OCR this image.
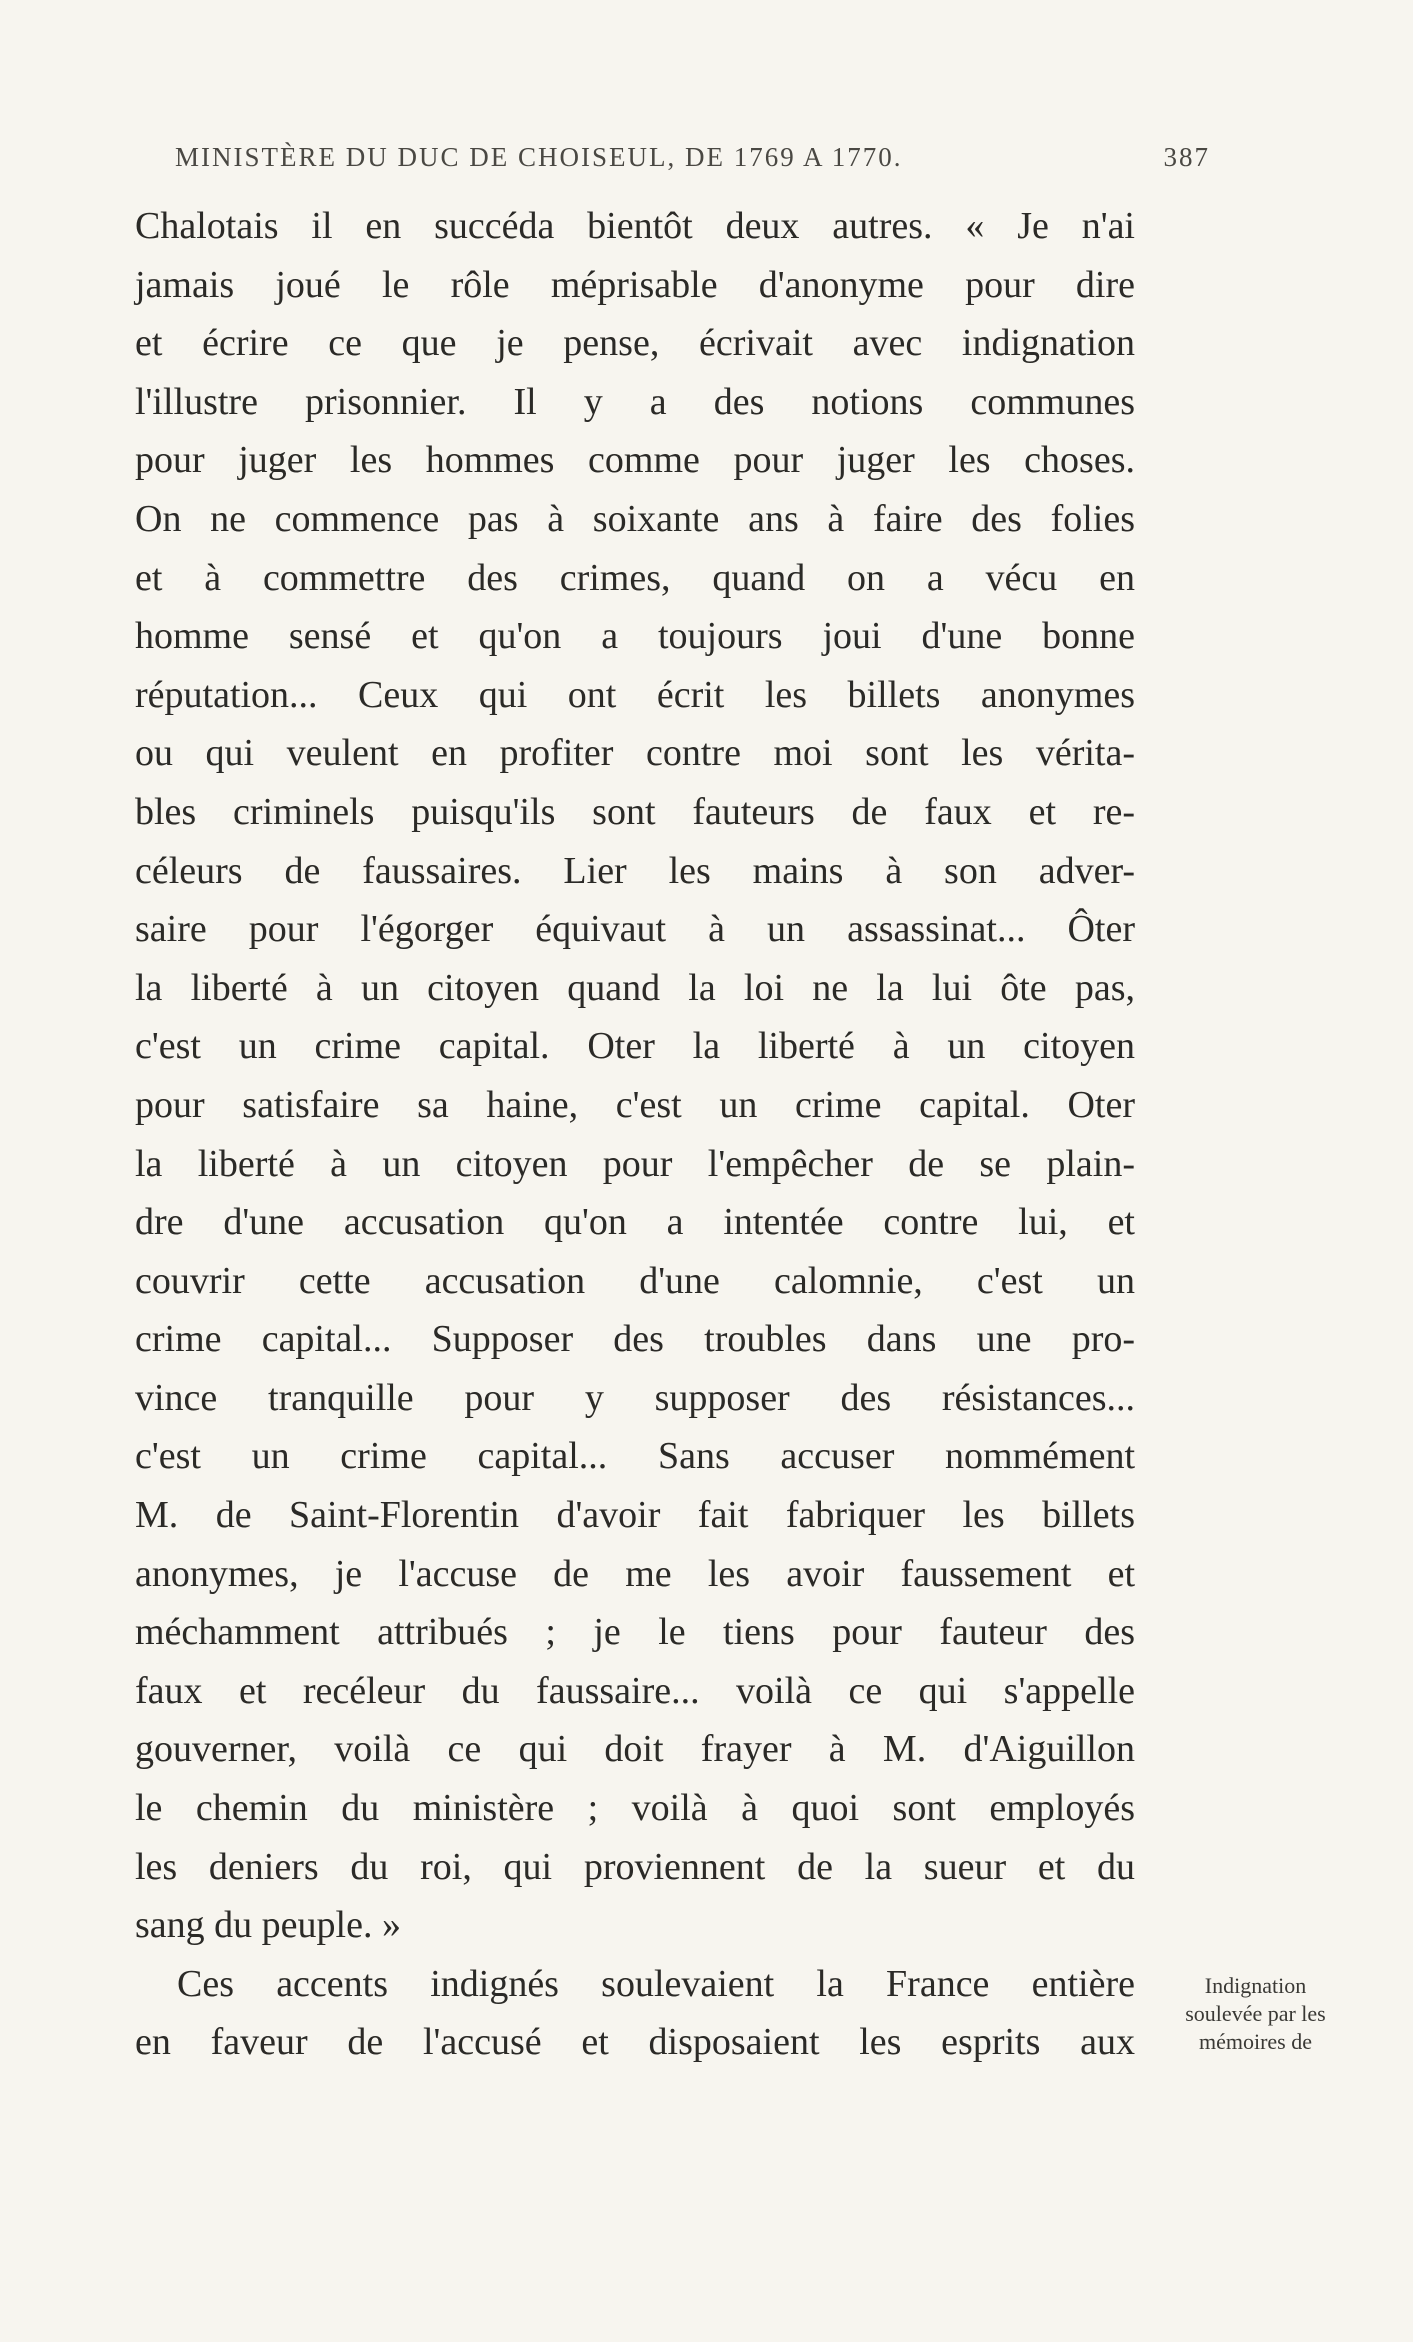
MINISTÈRE DU DUC DE CHOISEUL, DE 1769 A 1770.	387
Chalotais il en succéda bientôt deux autres. « Je n'ai
jamais joué le rôle méprisable d'anonyme pour dire
et écrire ce que je pense, écrivait avec indignation
l'illustre prisonnier. Il y a des notions communes
pour juger les hommes comme pour juger les choses.
On ne commence pas à soixante ans à faire des folies
et à commettre des crimes, quand on a vécu en
homme sensé et qu'on a toujours joui d'une bonne
réputation... Ceux qui ont écrit les billets anonymes
ou qui veulent en profiter contre moi sont les vérita-
bles criminels puisqu'ils sont fauteurs de faux et re-
céleurs de faussaires. Lier les mains à son adver-
saire pour l'égorger équivaut à un assassinat... Ôter
la liberté à un citoyen quand la loi ne la lui ôte pas,
c'est un crime capital. Oter la liberté à un citoyen
pour satisfaire sa haine, c'est un crime capital. Oter
la liberté à un citoyen pour l'empêcher de se plain-
dre d'une accusation qu'on a intentée contre lui, et
couvrir cette accusation d'une calomnie, c'est un
crime capital... Supposer des troubles dans une pro-
vince tranquille pour y supposer des résistances...
c'est un crime capital... Sans accuser nommément
M. de Saint-Florentin d'avoir fait fabriquer les billets
anonymes, je l'accuse de me les avoir faussement et
méchamment attribués ; je le tiens pour fauteur des
faux et recéleur du faussaire... voilà ce qui s'appelle
gouverner, voilà ce qui doit frayer à M. d'Aiguillon
le chemin du ministère ; voilà à quoi sont employés
les deniers du roi, qui proviennent de la sueur et du
sang du peuple. »
Ces accents indignés soulevaient la France entière
en faveur de l'accusé et disposaient les esprits aux
Indignation
soulevée par les
mémoires de
